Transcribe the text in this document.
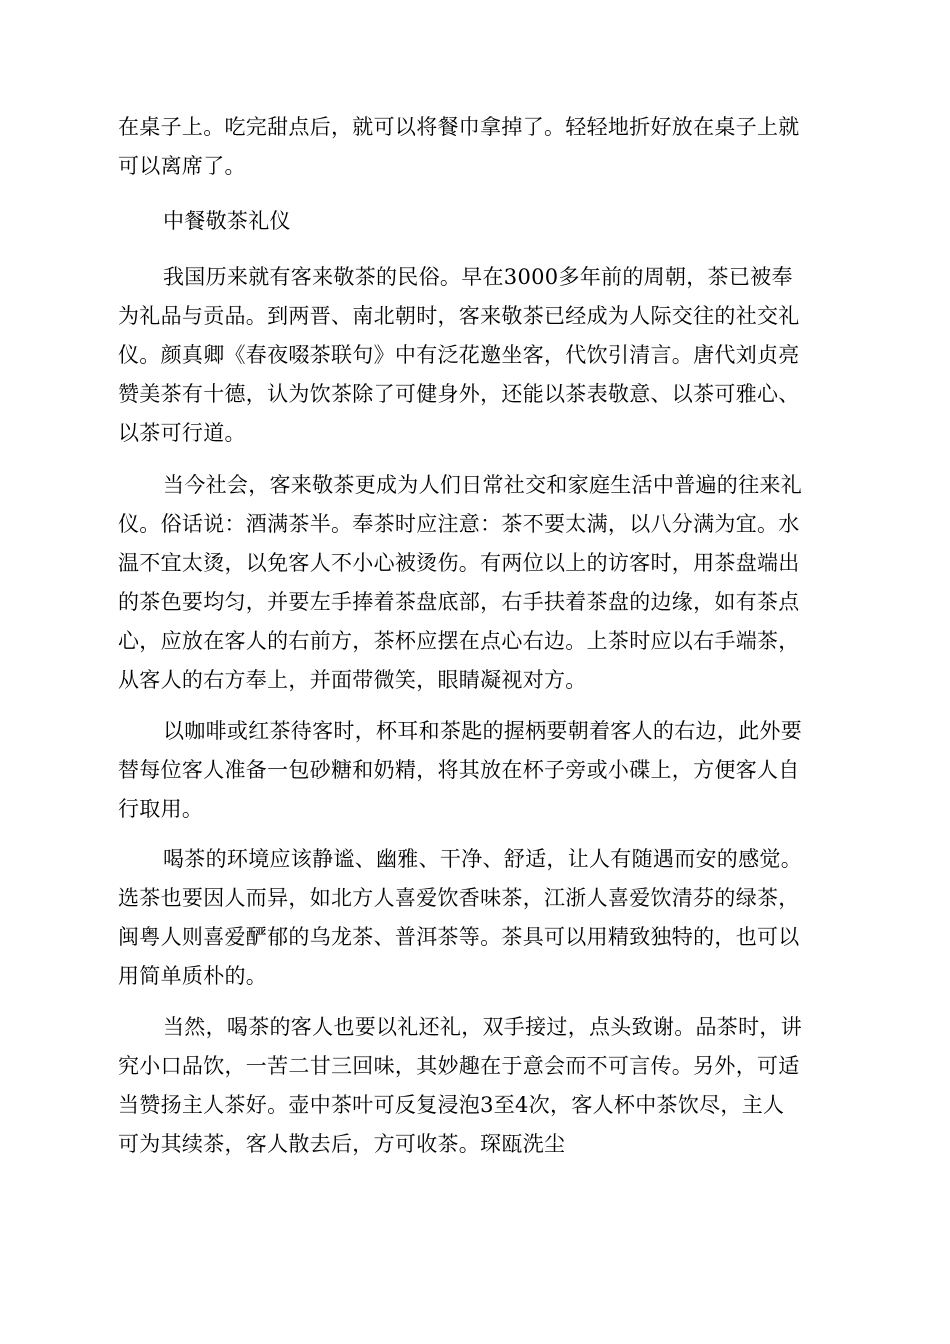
在桌子上。吃完甜点后，就可以将餐巾拿掉了。轻轻地折好放在桌子上就
可以离席了。
中餐敬茶礼仪
我国历来就有客来敬茶的民俗。早在3000多年前的周朝，茶已被奉
为礼品与贡品。到两晋、南北朝时，客来敬茶已经成为人际交往的社交礼
仪。颜真卿《春夜啜茶联句》中有泛花邀坐客，代饮引清言。唐代刘贞亮
赞美茶有十德，认为饮茶除了可健身外，还能以茶表敬意、以茶可雅心、
以茶可行道。
当今社会，客来敬茶更成为人们日常社交和家庭生活中普遍的往来礼
仪。俗话说：酒满茶半。奉茶时应注意：茶不要太满，以八分满为宜。水
温不宜太烫，以免客人不小心被烫伤。有两位以上的访客时，用茶盘端出
的茶色要均匀，并要左手捧着茶盘底部，右手扶着茶盘的边缘，如有茶点
心，应放在客人的右前方，茶杯应摆在点心右边。上茶时应以右手端茶，
从客人的右方奉上，并面带微笑，眼睛凝视对方。
以咖啡或红茶待客时，杯耳和茶匙的握柄要朝着客人的右边，此外要
替每位客人准备一包砂糖和奶精，将其放在杯子旁或小碟上，方便客人自
行取用。
喝茶的环境应该静谧、幽雅、干净、舒适，让人有随遇而安的感觉。
选茶也要因人而异，如北方人喜爱饮香味茶，江浙人喜爱饮清芬的绿茶，
闽粤人则喜爱酽郁的乌龙茶、普洱茶等。茶具可以用精致独特的，也可以
用简单质朴的。
当然，喝茶的客人也要以礼还礼，双手接过，点头致谢。品茶时，讲
究小口品饮，一苦二甘三回味，其妙趣在于意会而不可言传。另外，可适
当赞扬主人茶好。壶中茶叶可反复浸泡3至4次，客人杯中茶饮尽，主人
可为其续茶，客人散去后，方可收茶。琛瓯洗尘
